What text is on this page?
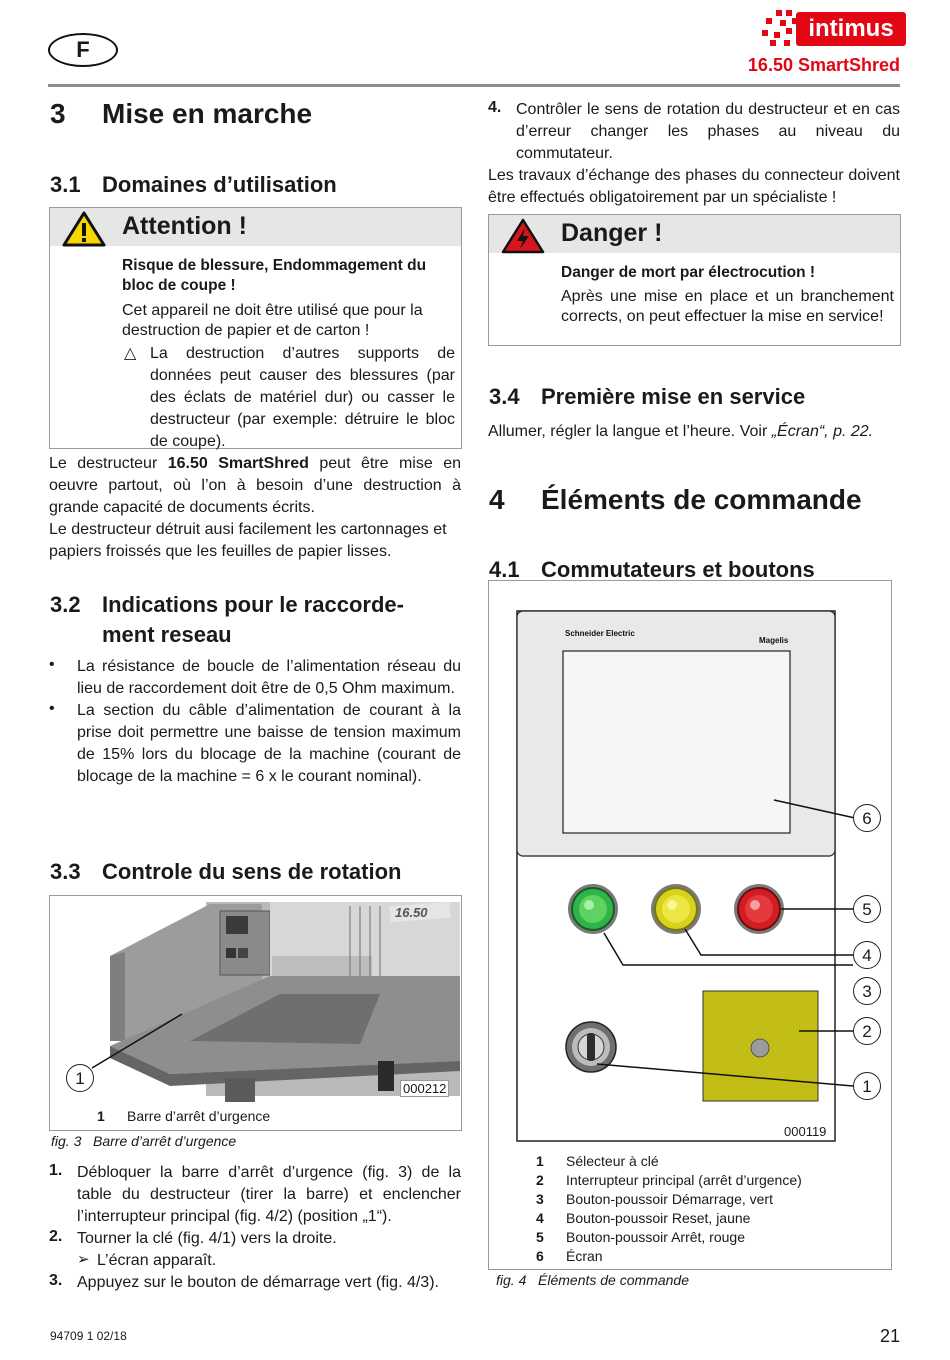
F
intimus
16.50 SmartShred
3 Mise en marche
3.1 Domaines d’utilisation
Attention !

Risque de blessure, Endommagement du bloc de coupe !

Cet appareil ne doit être utilisé que pour la destruction de papier et de carton !

△ La destruction d’autres supports de données peut causer des blessures (par des éclats de matériel dur) ou casser le destructeur (par exemple: détruire le bloc de coupe).

Le destructeur 16.50 SmartShred peut être mise en oeuvre partout, où l’on à besoin d’une destruction à grande capacité de documents écrits.

Le destructeur détruit ausi facilement les cartonnages et papiers froissés que les feuilles de papier lisses.

3.2 Indications pour le raccorde-
ment reseau
• La résistance de boucle de l’alimentation réseau du lieu de raccordement doit être de 0,5 Ohm maximum.

• La section du câble d’alimentation de courant à la prise doit permettre une baisse de tension maximum de 15% lors du blocage de la machine (courant de blocage de la machine = 6 x le courant nominal).

3.3 Controle du sens de rotation
16.50
000212
1
1 Barre d’arrêt d’urgence
fig. 3   Barre d’arrêt d’urgence
1. Débloquer la barre d’arrêt d’urgence (fig. 3) de la table du destructeur (tirer la barre) et enclencher l’interrupteur principal (fig. 4/2) (position „1“).

2. Tourner la clé (fig. 4/1) vers la droite.

➢ L’écran apparaît.

3. Appuyez sur le bouton de démarrage vert (fig. 4/3).

4. Contrôler le sens de rotation du destructeur et en cas d’erreur changer les phases au niveau du commutateur.

Les travaux d’échange des phases du connecteur doivent être effectués obligatoirement par un spécialiste !

Danger !

Danger de mort par électrocution !

Après une mise en place et un branchement corrects, on peut effectuer la mise en service!

3.4 Première mise en service

Allumer, régler la langue et l’heure. Voir „Écran“, p. 22.

4 Éléments de commande
4.1 Commutateurs et boutons
Schneider Electric
Magelis
6
5
4
3
2
1
000119
1	Sélecteur à clé
2	Interrupteur principal (arrêt d’urgence)
3	Bouton-poussoir Démarrage, vert
4	Bouton-poussoir Reset, jaune
5	Bouton-poussoir Arrêt, rouge
6	Écran
fig. 4   Éléments de commande
94709 1 02/18	21
